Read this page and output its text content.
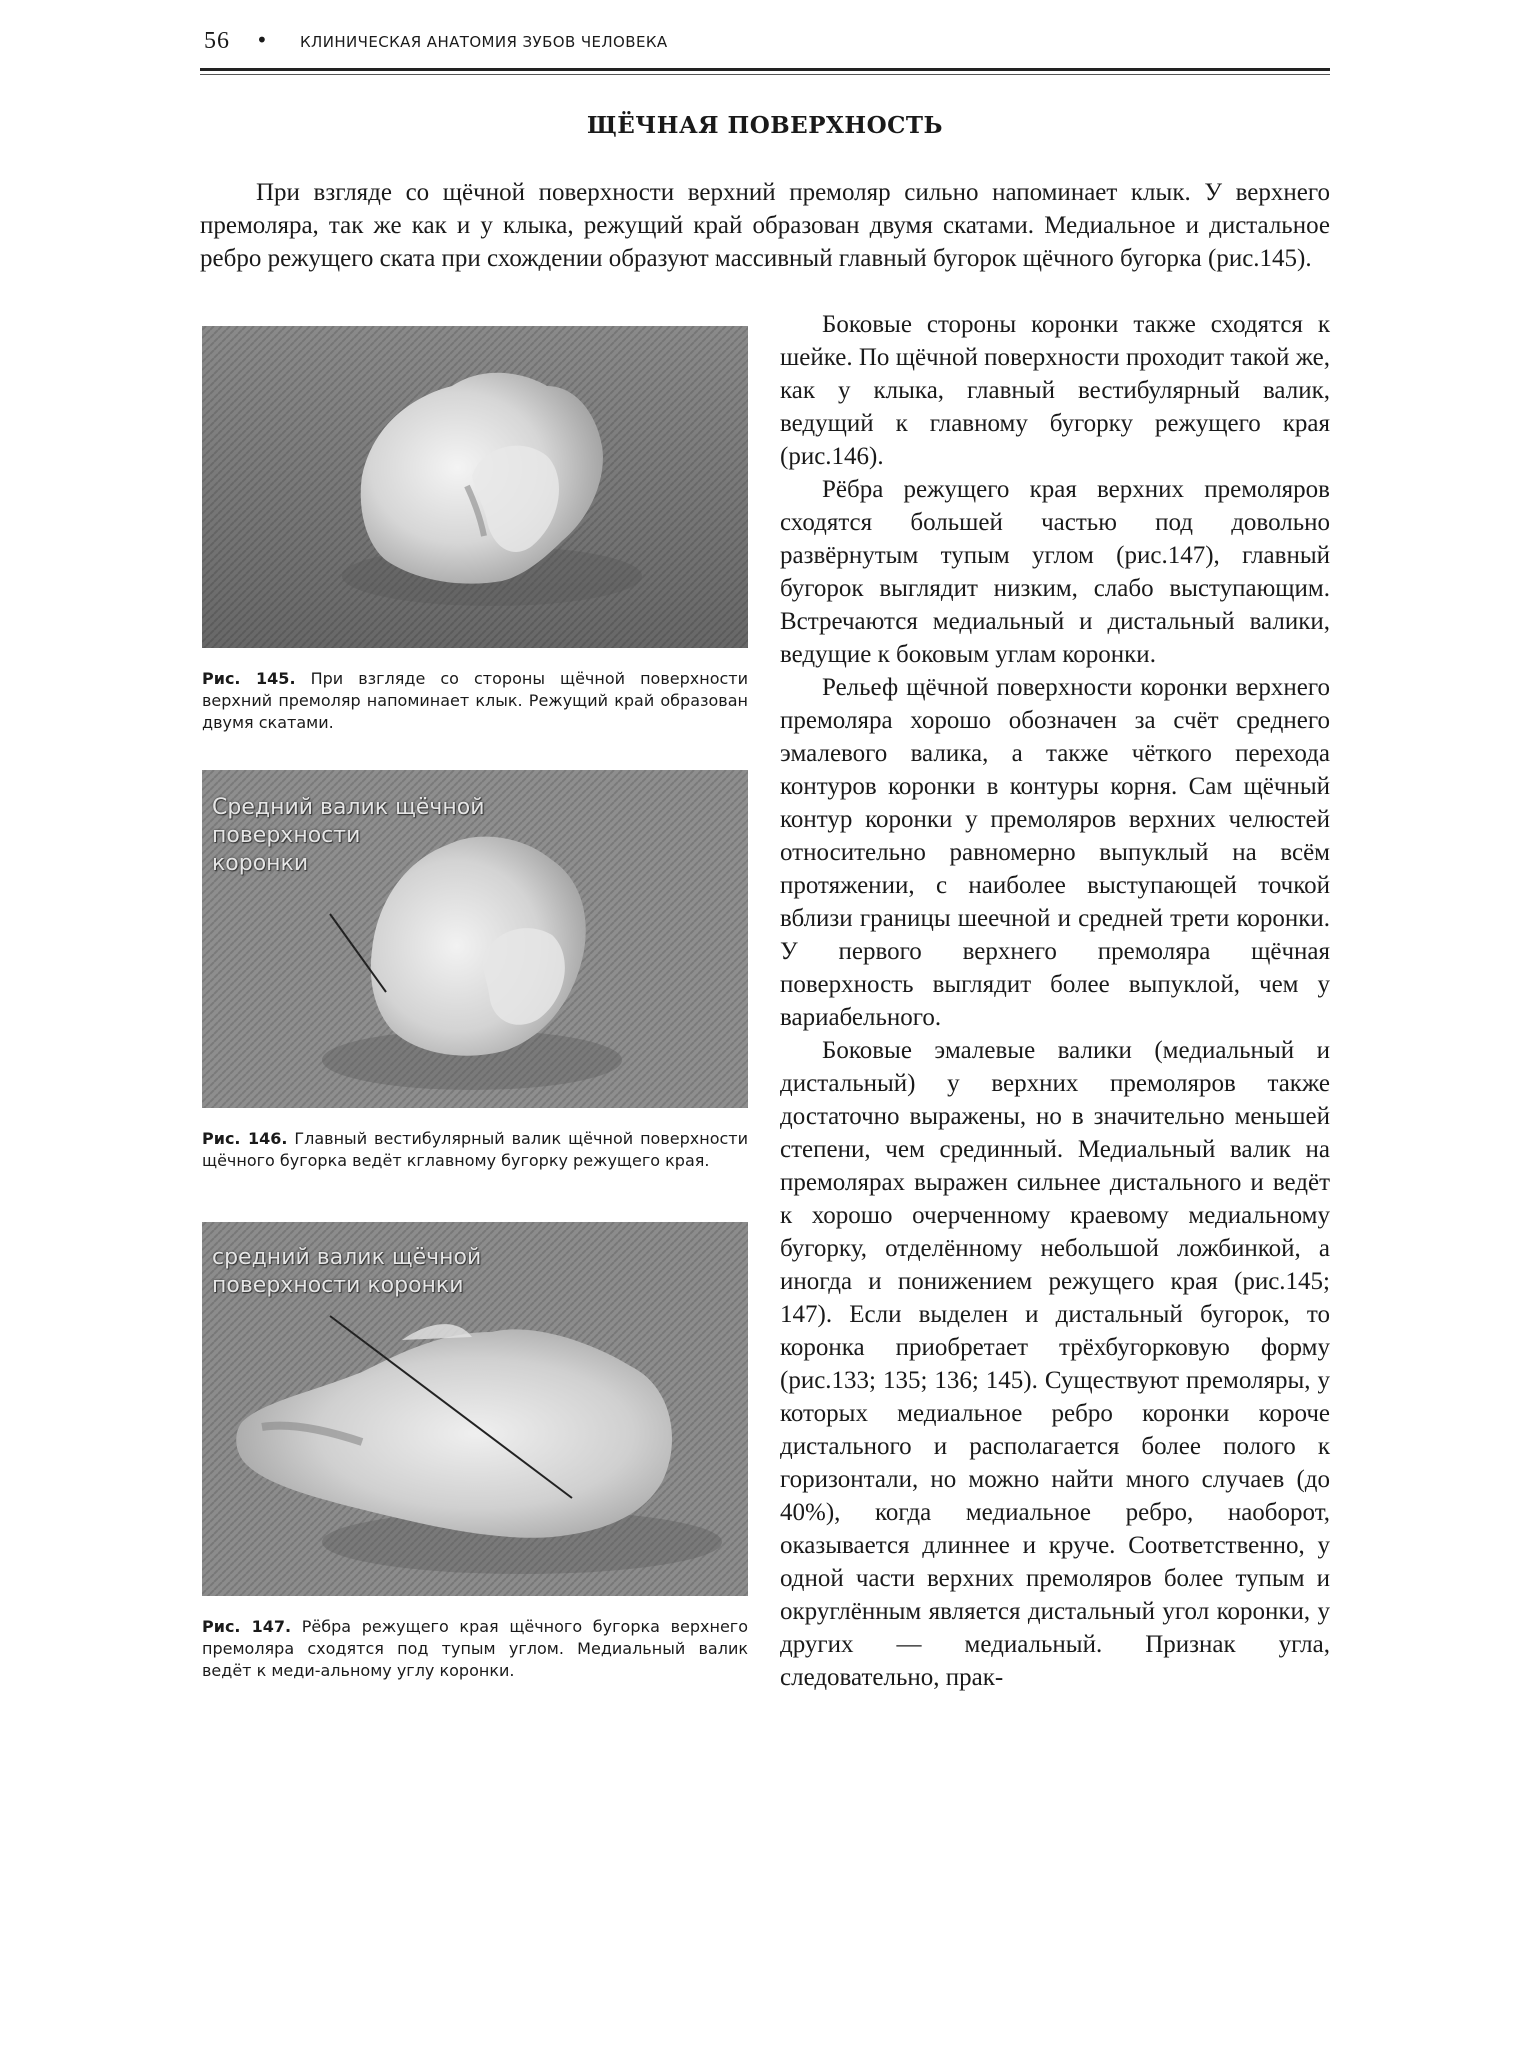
56 • КЛИНИЧЕСКАЯ АНАТОМИЯ ЗУБОВ ЧЕЛОВЕКА
ЩЁЧНАЯ ПОВЕРХНОСТЬ

При взгляде со щёчной поверхности верхний премоляр сильно напоминает клык. У верхнего премоляра, так же как и у клыка, режущий край образован двумя скатами. Медиальное и дистальное ребро режущего ската при схождении образуют массивный главный бугорок щёчного бугорка (рис.145).

Рис. 145. При взгляде со стороны щёчной поверхности верхний премоляр напоминает клык. Режущий край образован двумя скатами.
Средний валик щёчной
поверхности
коронки
Рис. 146. Главный вестибулярный валик щёчной поверхности щёчного бугорка ведёт кглавному бугорку режущего края.
средний валик щёчной
поверхности коронки
Рис. 147. Рёбра режущего края щёчного бугорка верхнего премоляра сходятся под тупым углом. Медиальный валик ведёт к меди-альному углу коронки.

Боковые стороны коронки также сходятся к шейке. По щёчной поверхности проходит такой же, как у клыка, главный вестибулярный валик, ведущий к главному бугорку режущего края (рис.146).

Рёбра режущего края верхних премоляров сходятся большей частью под довольно развёрнутым тупым углом (рис.147), главный бугорок выглядит низким, слабо выступающим. Встречаются медиальный и дистальный валики, ведущие к боковым углам коронки.

Рельеф щёчной поверхности коронки верхнего премоляра хорошо обозначен за счёт среднего эмалевого валика, а также чёткого перехода контуров коронки в контуры корня. Сам щёчный контур коронки у премоляров верхних челюстей относительно равномерно выпуклый на всём протяжении, с наиболее выступающей точкой вблизи границы шеечной и средней трети коронки. У первого верхнего премоляра щёчная поверхность выглядит более выпуклой, чем у вариабельного.

Боковые эмалевые валики (медиальный и дистальный) у верхних премоляров также достаточно выражены, но в значительно меньшей степени, чем срединный. Медиальный валик на премолярах выражен сильнее дистального и ведёт к хорошо очерченному краевому медиальному бугорку, отделённому небольшой ложбинкой, а иногда и понижением режущего края (рис.145; 147). Если выделен и дистальный бугорок, то коронка приобретает трёхбугорковую форму (рис.133; 135; 136; 145). Существуют премоляры, у которых медиальное ребро коронки короче дистального и располагается более полого к горизонтали, но можно найти много случаев (до 40%), когда медиальное ребро, наоборот, оказывается длиннее и круче. Соответственно, у одной части верхних премоляров более тупым и округлённым является дистальный угол коронки, у других — медиальный. Признак угла, следовательно, прак-
